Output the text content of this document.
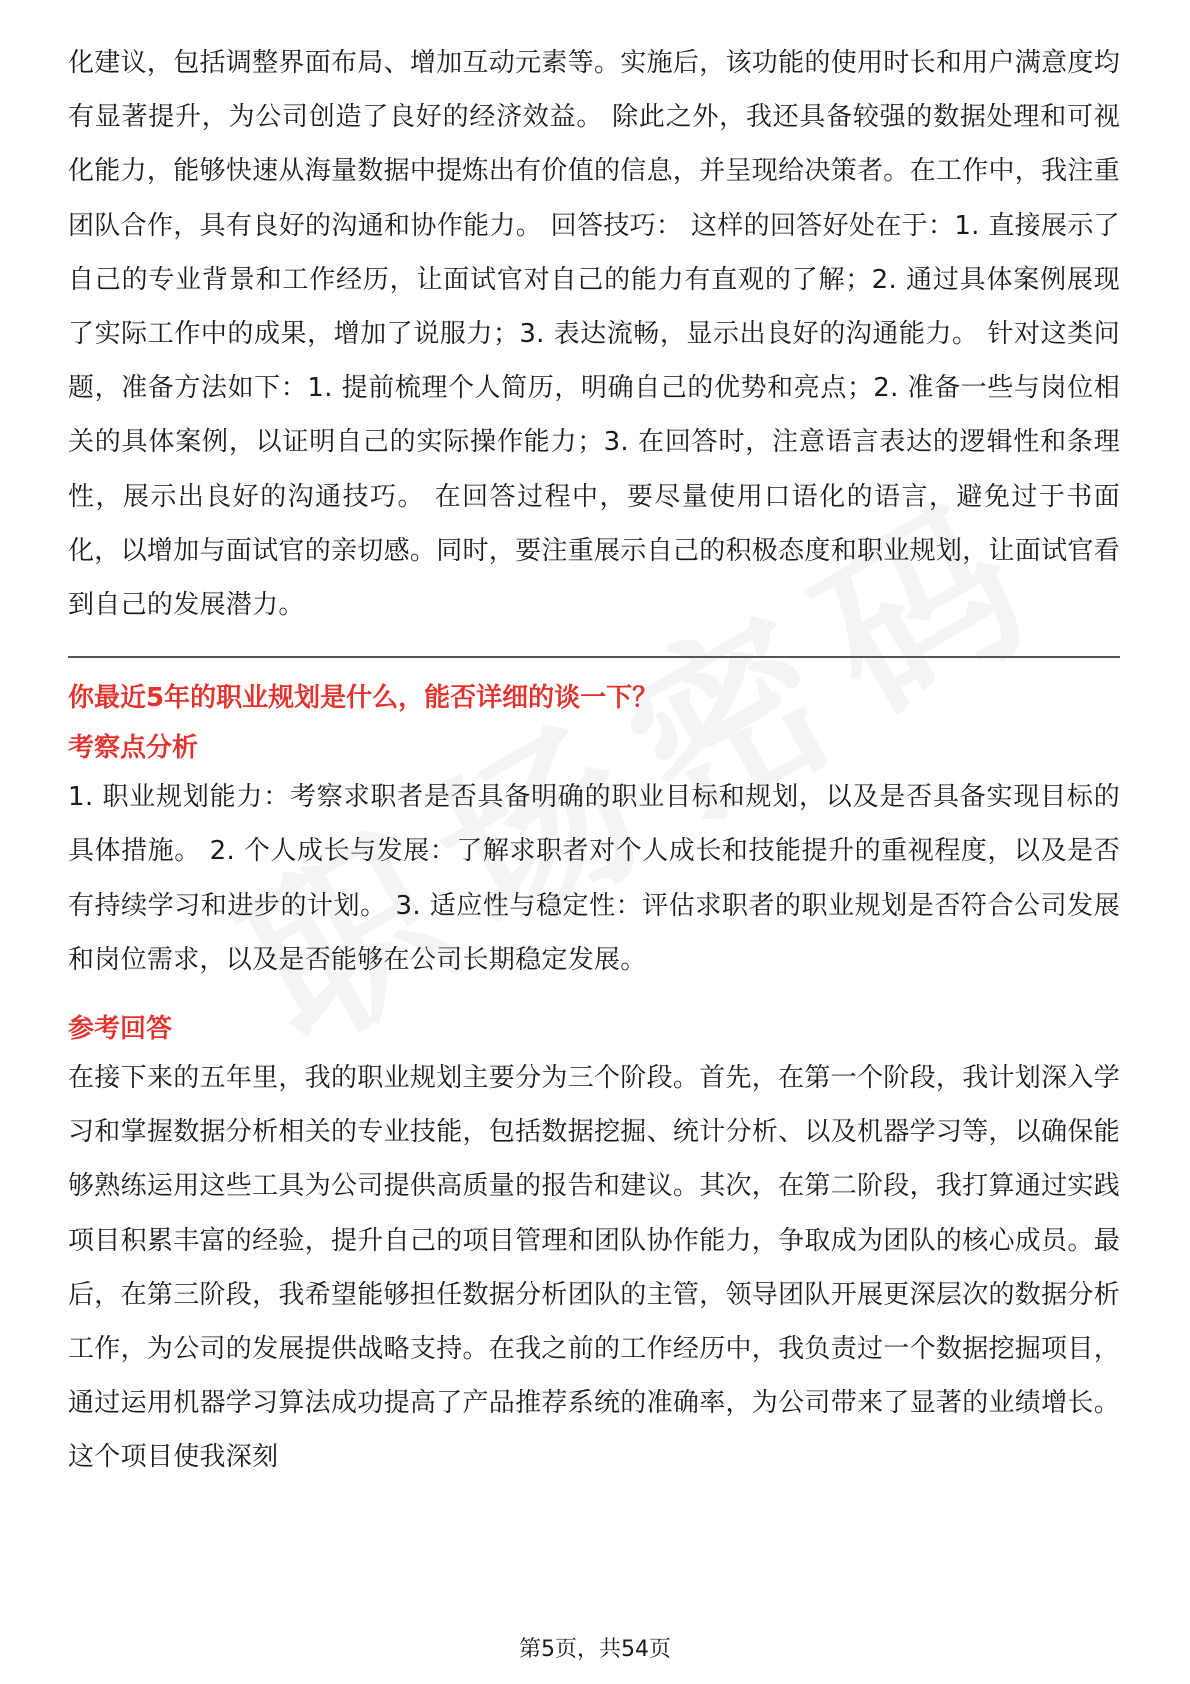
化建议，包括调整界面布局、增加互动元素等。实施后，该功能的使用时长和用户满意度均有显著提升，为公司创造了良好的经济效益。 除此之外，我还具备较强的数据处理和可视化能力，能够快速从海量数据中提炼出有价值的信息，并呈现给决策者。在工作中，我注重团队合作，具有良好的沟通和协作能力。 回答技巧： 这样的回答好处在于：1. 直接展示了自己的专业背景和工作经历，让面试官对自己的能力有直观的了解；2. 通过具体案例展现了实际工作中的成果，增加了说服力；3. 表达流畅，显示出良好的沟通能力。 针对这类问题，准备方法如下：1. 提前梳理个人简历，明确自己的优势和亮点；2. 准备一些与岗位相关的具体案例，以证明自己的实际操作能力；3. 在回答时，注意语言表达的逻辑性和条理性，展示出良好的沟通技巧。 在回答过程中，要尽量使用口语化的语言，避免过于书面化，以增加与面试官的亲切感。同时，要注重展示自己的积极态度和职业规划，让面试官看到自己的发展潜力。

你最近5年的职业规划是什么，能否详细的谈一下？

考察点分析

1. 职业规划能力：考察求职者是否具备明确的职业目标和规划，以及是否具备实现目标的具体措施。 2. 个人成长与发展：了解求职者对个人成长和技能提升的重视程度，以及是否有持续学习和进步的计划。 3. 适应性与稳定性：评估求职者的职业规划是否符合公司发展和岗位需求，以及是否能够在公司长期稳定发展。

参考回答

在接下来的五年里，我的职业规划主要分为三个阶段。首先，在第一个阶段，我计划深入学习和掌握数据分析相关的专业技能，包括数据挖掘、统计分析、以及机器学习等，以确保能够熟练运用这些工具为公司提供高质量的报告和建议。其次，在第二阶段，我打算通过实践项目积累丰富的经验，提升自己的项目管理和团队协作能力，争取成为团队的核心成员。最后，在第三阶段，我希望能够担任数据分析团队的主管，领导团队开展更深层次的数据分析工作，为公司的发展提供战略支持。在我之前的工作经历中，我负责过一个数据挖掘项目，通过运用机器学习算法成功提高了产品推荐系统的准确率，为公司带来了显著的业绩增长。这个项目使我深刻

第5页，共54页
